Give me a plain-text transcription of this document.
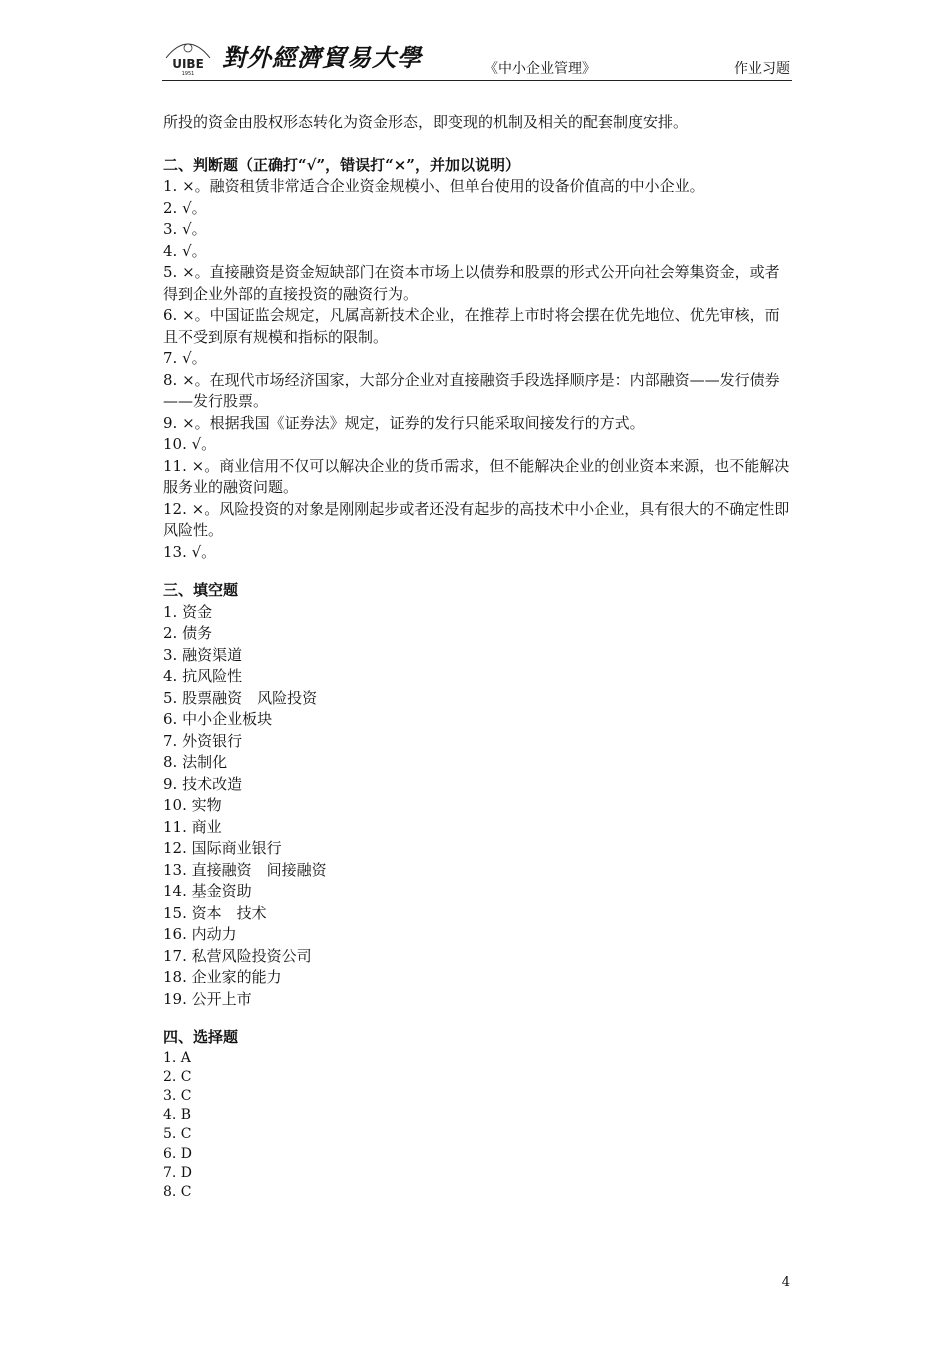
UIBE
1951
對外經濟貿易大學	《中小企业管理》	作业习题

所投的资金由股权形态转化为资金形态，即变现的机制及相关的配套制度安排。

二、判断题（正确打“√”，错误打“×”，并加以说明）

1. ×。融资租赁非常适合企业资金规模小、但单台使用的设备价值高的中小企业。

2. √。

3. √。

4. √。

5. ×。直接融资是资金短缺部门在资本市场上以债券和股票的形式公开向社会筹集资金，或者得到企业外部的直接投资的融资行为。

6. ×。中国证监会规定，凡属高新技术企业，在推荐上市时将会摆在优先地位、优先审核，而且不受到原有规模和指标的限制。

7. √。

8. ×。在现代市场经济国家，大部分企业对直接融资手段选择顺序是：内部融资——发行债券——发行股票。

9. ×。根据我国《证券法》规定，证券的发行只能采取间接发行的方式。

10. √。

11. ×。商业信用不仅可以解决企业的货币需求，但不能解决企业的创业资本来源，也不能解决服务业的融资问题。

12. ×。风险投资的对象是刚刚起步或者还没有起步的高技术中小企业，具有很大的不确定性即风险性。

13. √。

三、填空题

1. 资金

2. 债务

3. 融资渠道

4. 抗风险性

5. 股票融资　风险投资

6. 中小企业板块

7. 外资银行

8. 法制化

9. 技术改造

10. 实物

11. 商业

12. 国际商业银行

13. 直接融资　间接融资

14. 基金资助

15. 资本　技术

16. 内动力

17. 私营风险投资公司

18. 企业家的能力

19. 公开上市

四、选择题

1. A

2. C

3. C

4. B

5. C

6. D

7. D

8. C

4
